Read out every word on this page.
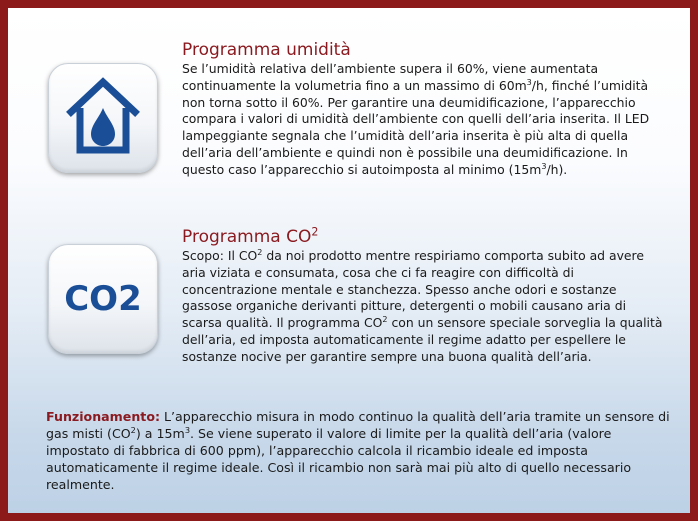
CO2
Programma umidità

Se l’umidità relativa dell’ambiente supera il 60%, viene aumentata continuamente la volumetria fino a un massimo di $60m^3/h$, finché l’umidità non torna sotto il 60%. Per garantire una deumidificazione, l’apparecchio compara i valori di umidità dell’ambiente con quelli dell’aria inserita. Il LED lampeggiante segnala che l’umidità dell’aria inserita è più alta di quella dell’aria dell’ambiente e quindi non è possibile una deumidificazione. In questo caso l’apparecchio si autoimposta al minimo $(15m^3/h)$.

Programma $CO^2$

Scopo: Il $CO^2$ da noi prodotto mentre respiriamo comporta subito ad avere aria viziata e consumata, cosa che ci fa reagire con difficoltà di concentrazione mentale e stanchezza. Spesso anche odori e sostanze gassose organiche derivanti pitture, detergenti o mobili causano aria di scarsa qualità. Il programma $CO^2$ con un sensore speciale sorveglia la qualità dell’aria, ed imposta automaticamente il regime adatto per espellere le sostanze nocive per garantire sempre una buona qualità dell’aria.

Funzionamento: L’apparecchio misura in modo continuo la qualità dell’aria tramite un sensore di gas misti $(CO^2)$ a $15m^3$. Se viene superato il valore di limite per la qualità dell’aria (valore impostato di fabbrica di 600 ppm), l’apparecchio calcola il ricambio ideale ed imposta automaticamente il regime ideale. Così il ricambio non sarà mai più alto di quello necessario realmente.
